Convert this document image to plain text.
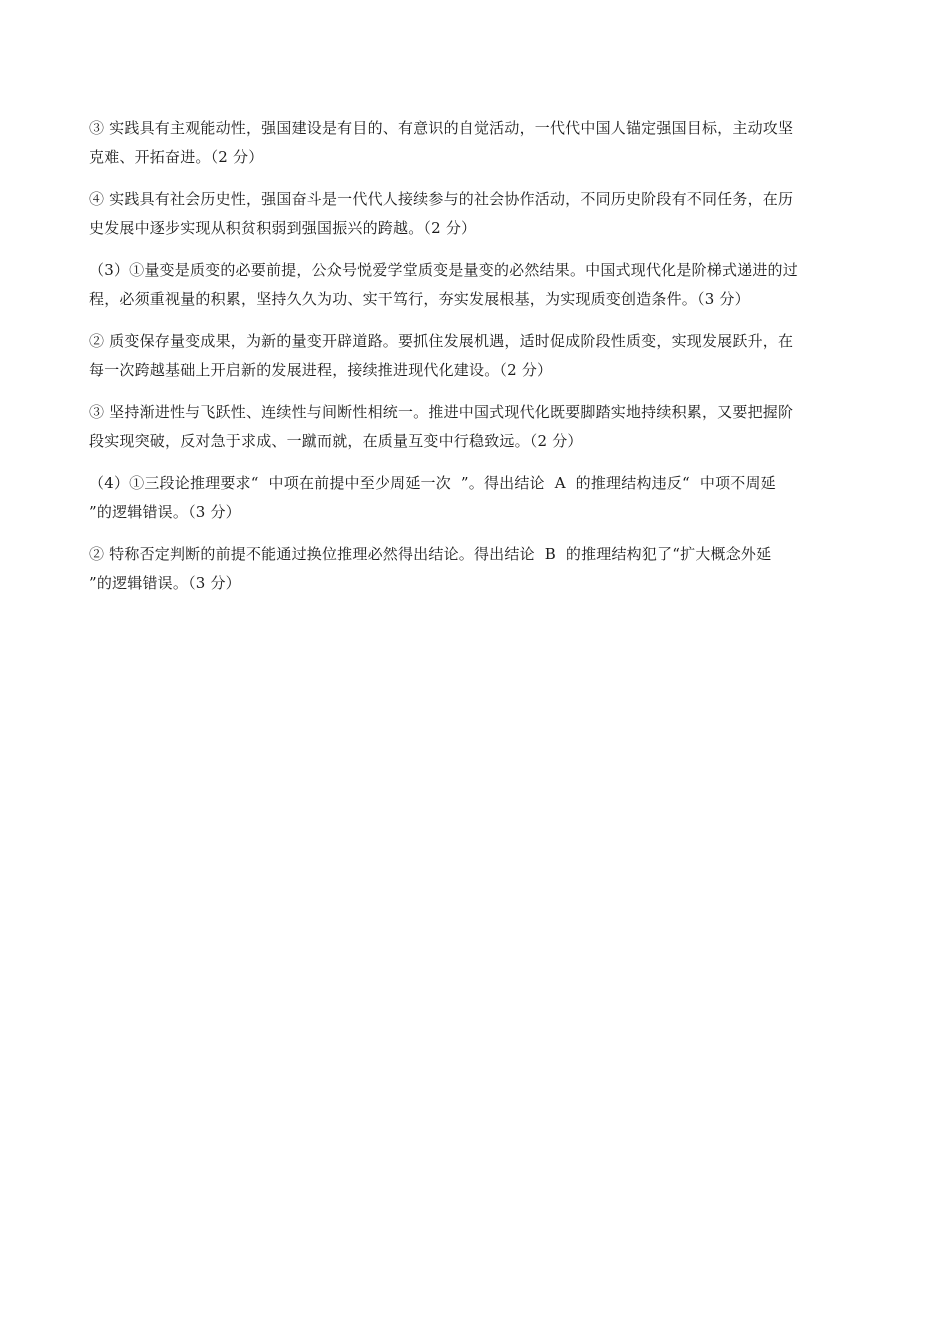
③ 实践具有主观能动性，强国建设是有目的、有意识的自觉活动，一代代中国人锚定强国目标，主动攻坚
克难、开拓奋进。（2 分）

④ 实践具有社会历史性，强国奋斗是一代代人接续参与的社会协作活动，不同历史阶段有不同任务，在历
史发展中逐步实现从积贫积弱到强国振兴的跨越。（2 分）

（3）①量变是质变的必要前提，公众号悦爱学堂质变是量变的必然结果。中国式现代化是阶梯式递进的过
程，必须重视量的积累，坚持久久为功、实干笃行，夯实发展根基，为实现质变创造条件。（3 分）

② 质变保存量变成果，为新的量变开辟道路。要抓住发展机遇，适时促成阶段性质变，实现发展跃升，在
每一次跨越基础上开启新的发展进程，接续推进现代化建设。（2 分）

③ 坚持渐进性与飞跃性、连续性与间断性相统一。推进中国式现代化既要脚踏实地持续积累，又要把握阶
段实现突破，反对急于求成、一蹴而就，在质量互变中行稳致远。（2 分）

（4）①三段论推理要求“  中项在前提中至少周延一次  ”。得出结论  A  的推理结构违反“  中项不周延
”的逻辑错误。（3 分）

② 特称否定判断的前提不能通过换位推理必然得出结论。得出结论  B  的推理结构犯了“扩大概念外延
”的逻辑错误。（3 分）
